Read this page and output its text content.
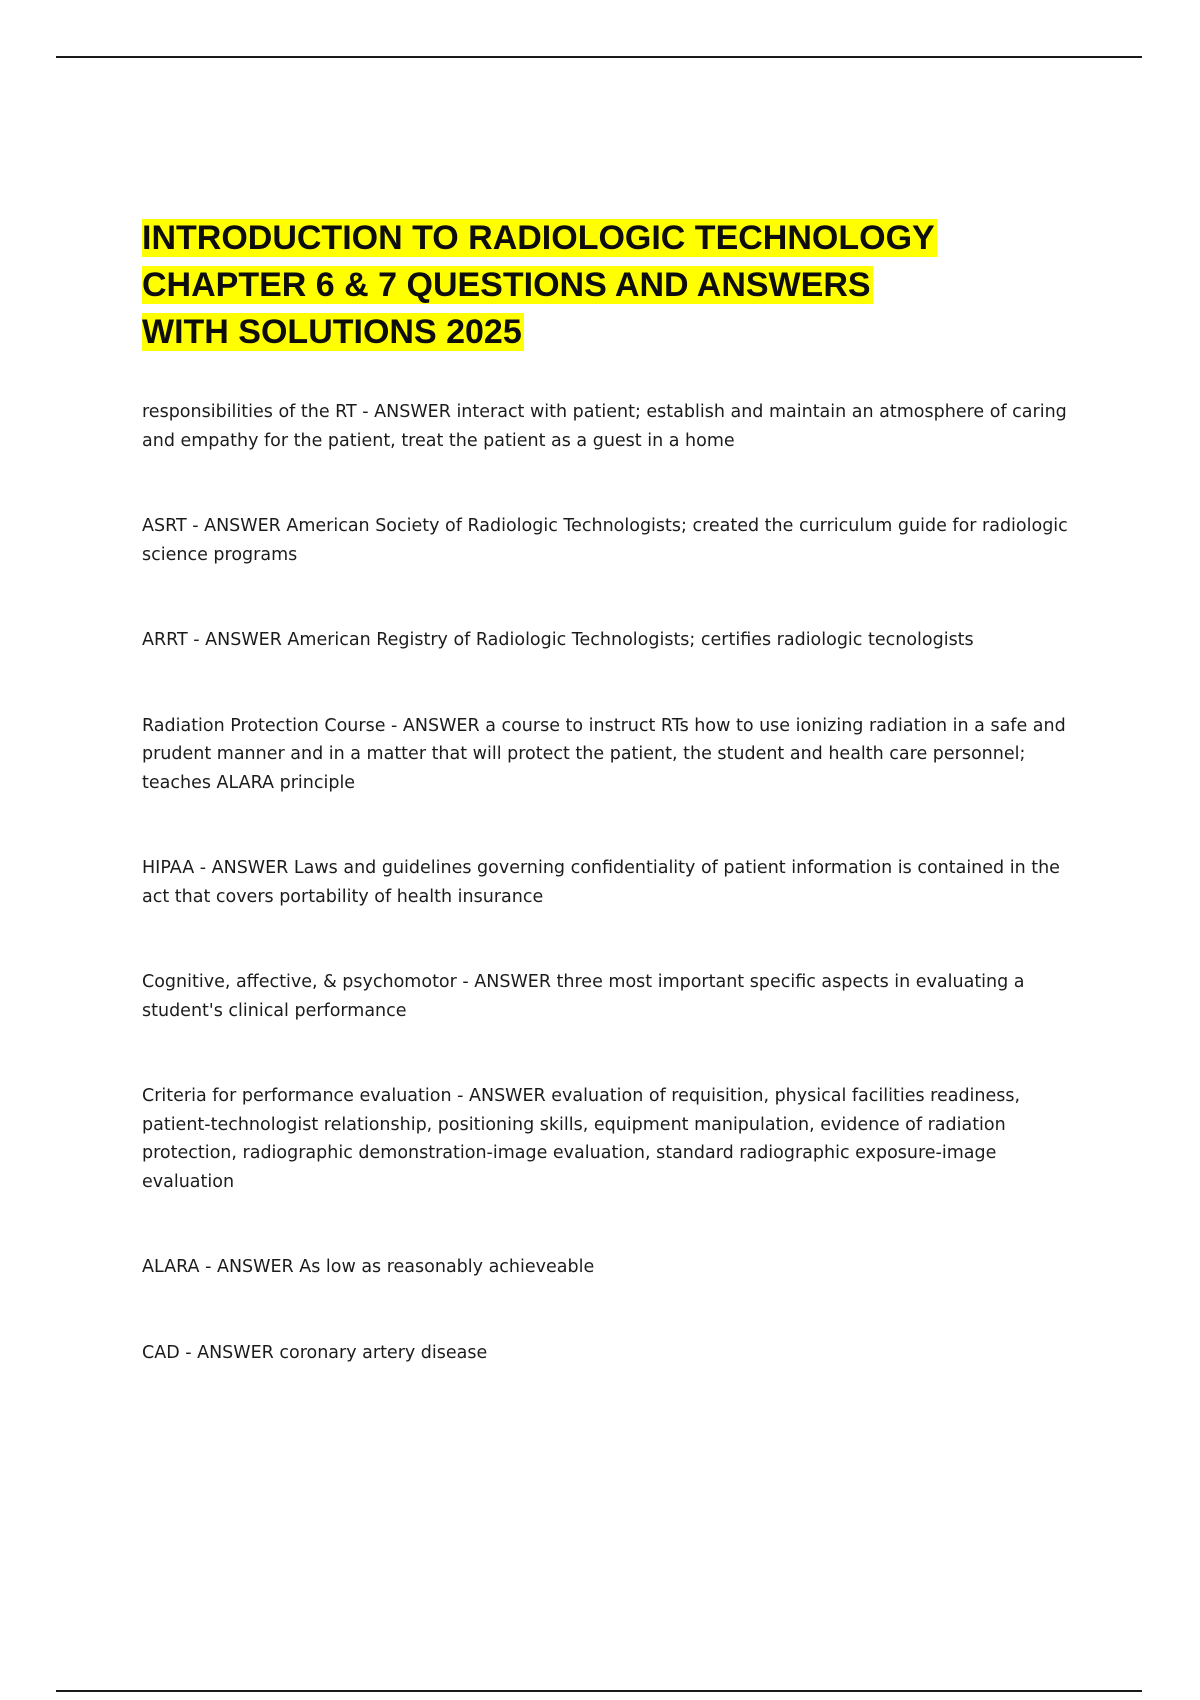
INTRODUCTION TO RADIOLOGIC TECHNOLOGY
CHAPTER 6 & 7 QUESTIONS AND ANSWERS
WITH SOLUTIONS 2025

responsibilities of the RT - ANSWER interact with patient; establish and maintain an atmosphere of caring and empathy for the patient, treat the patient as a guest in a home

ASRT - ANSWER American Society of Radiologic Technologists; created the curriculum guide for radiologic science programs

ARRT - ANSWER American Registry of Radiologic Technologists; certifies radiologic tecnologists

Radiation Protection Course - ANSWER a course to instruct RTs how to use ionizing radiation in a safe and prudent manner and in a matter that will protect the patient, the student and health care personnel; teaches ALARA principle

HIPAA - ANSWER Laws and guidelines governing confidentiality of patient information is contained in the act that covers portability of health insurance

Cognitive, affective, & psychomotor - ANSWER three most important specific aspects in evaluating a student's clinical performance

Criteria for performance evaluation - ANSWER evaluation of requisition, physical facilities readiness, patient-technologist relationship, positioning skills, equipment manipulation, evidence of radiation protection, radiographic demonstration-image evaluation, standard radiographic exposure-image evaluation

ALARA - ANSWER As low as reasonably achieveable

CAD - ANSWER coronary artery disease
